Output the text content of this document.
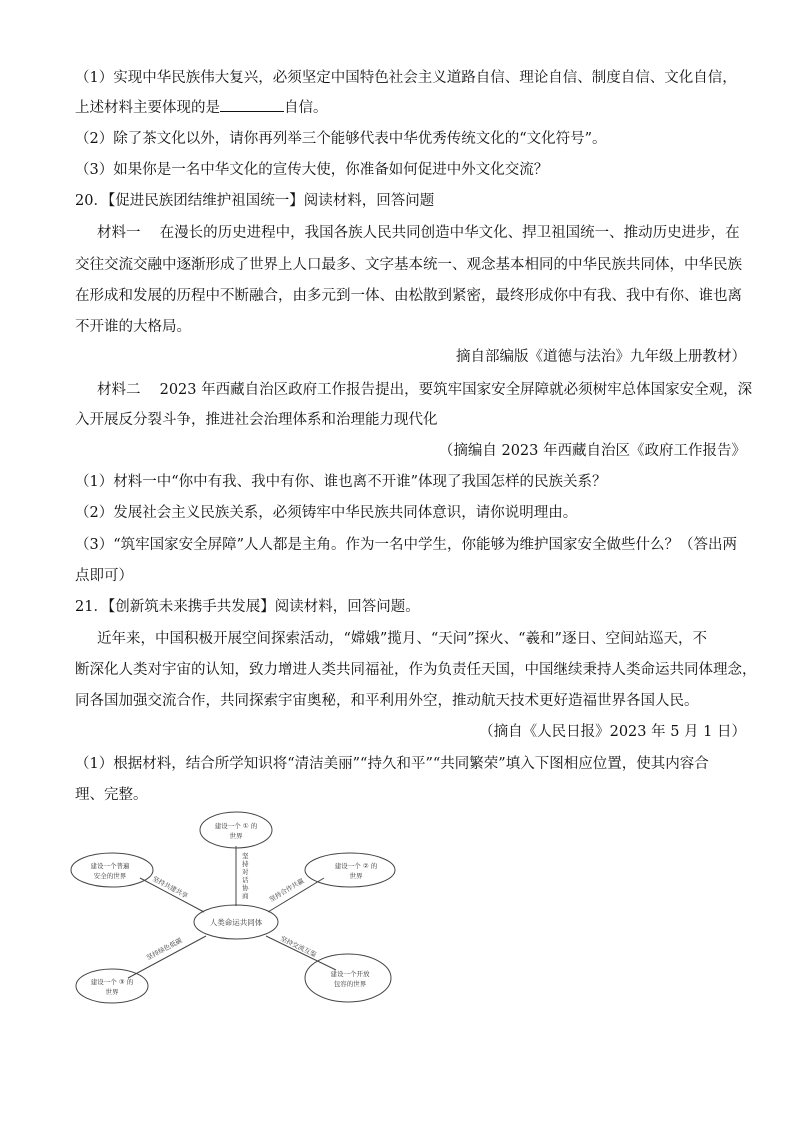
（1）实现中华民族伟大复兴，必须坚定中国特色社会主义道路自信、理论自信、制度自信、文化自信，
上述材料主要体现的是	自信。
（2）除了茶文化以外，请你再列举三个能够代表中华优秀传统文化的“文化符号”。
（3）如果你是一名中华文化的宣传大使，你准备如何促进中外文化交流？
20．【促进民族团结维护祖国统一】阅读材料，回答问题
材料一　 在漫长的历史进程中，我国各族人民共同创造中华文化、捍卫祖国统一、推动历史进步，在
交往交流交融中逐渐形成了世界上人口最多、文字基本统一、观念基本相同的中华民族共同体，中华民族
在形成和发展的历程中不断融合，由多元到一体、由松散到紧密，最终形成你中有我、我中有你、谁也离
不开谁的大格局。
摘自部编版《道德与法治》九年级上册教材）
材料二　 2023 年西藏自治区政府工作报告提出，要筑牢国家安全屏障就必须树牢总体国家安全观，深
入开展反分裂斗争，推进社会治理体系和治理能力现代化
（摘编自 2023 年西藏自治区《政府工作报告》
（1）材料一中“你中有我、我中有你、谁也离不开谁”体现了我国怎样的民族关系？
（2）发展社会主义民族关系，必须铸牢中华民族共同体意识，请你说明理由。
（3）“筑牢国家安全屏障”人人都是主角。作为一名中学生，你能够为维护国家安全做些什么？（答出两
点即可）
21．【创新筑未来携手共发展】阅读材料，回答问题。
近年来，中国积极开展空间探索活动，“嫦娥”揽月、“天问”探火、“羲和”逐日、空间站巡天，不
断深化人类对宇宙的认知，致力增进人类共同福祉，作为负责任天国，中国继续秉持人类命运共同体理念，
同各国加强交流合作，共同探索宇宙奥秘，和平利用外空，推动航天技术更好造福世界各国人民。
（摘自《人民日报》2023 年 5 月 1 日）
（1）根据材料，结合所学知识将“清洁美丽”“持久和平”“共同繁荣”填入下图相应位置，使其内容合
理、完整。
人类命运共同体
建设一个 ① 的
世界
建设一个 ② 的
世界
建设一个普遍
安全的世界
建设一个 ③ 的
世界
建设一个开放
包容的世界
坚
持
对
话
协
商	坚持合作共赢
坚持共建共享
坚持绿色低碳	坚持交流互鉴
